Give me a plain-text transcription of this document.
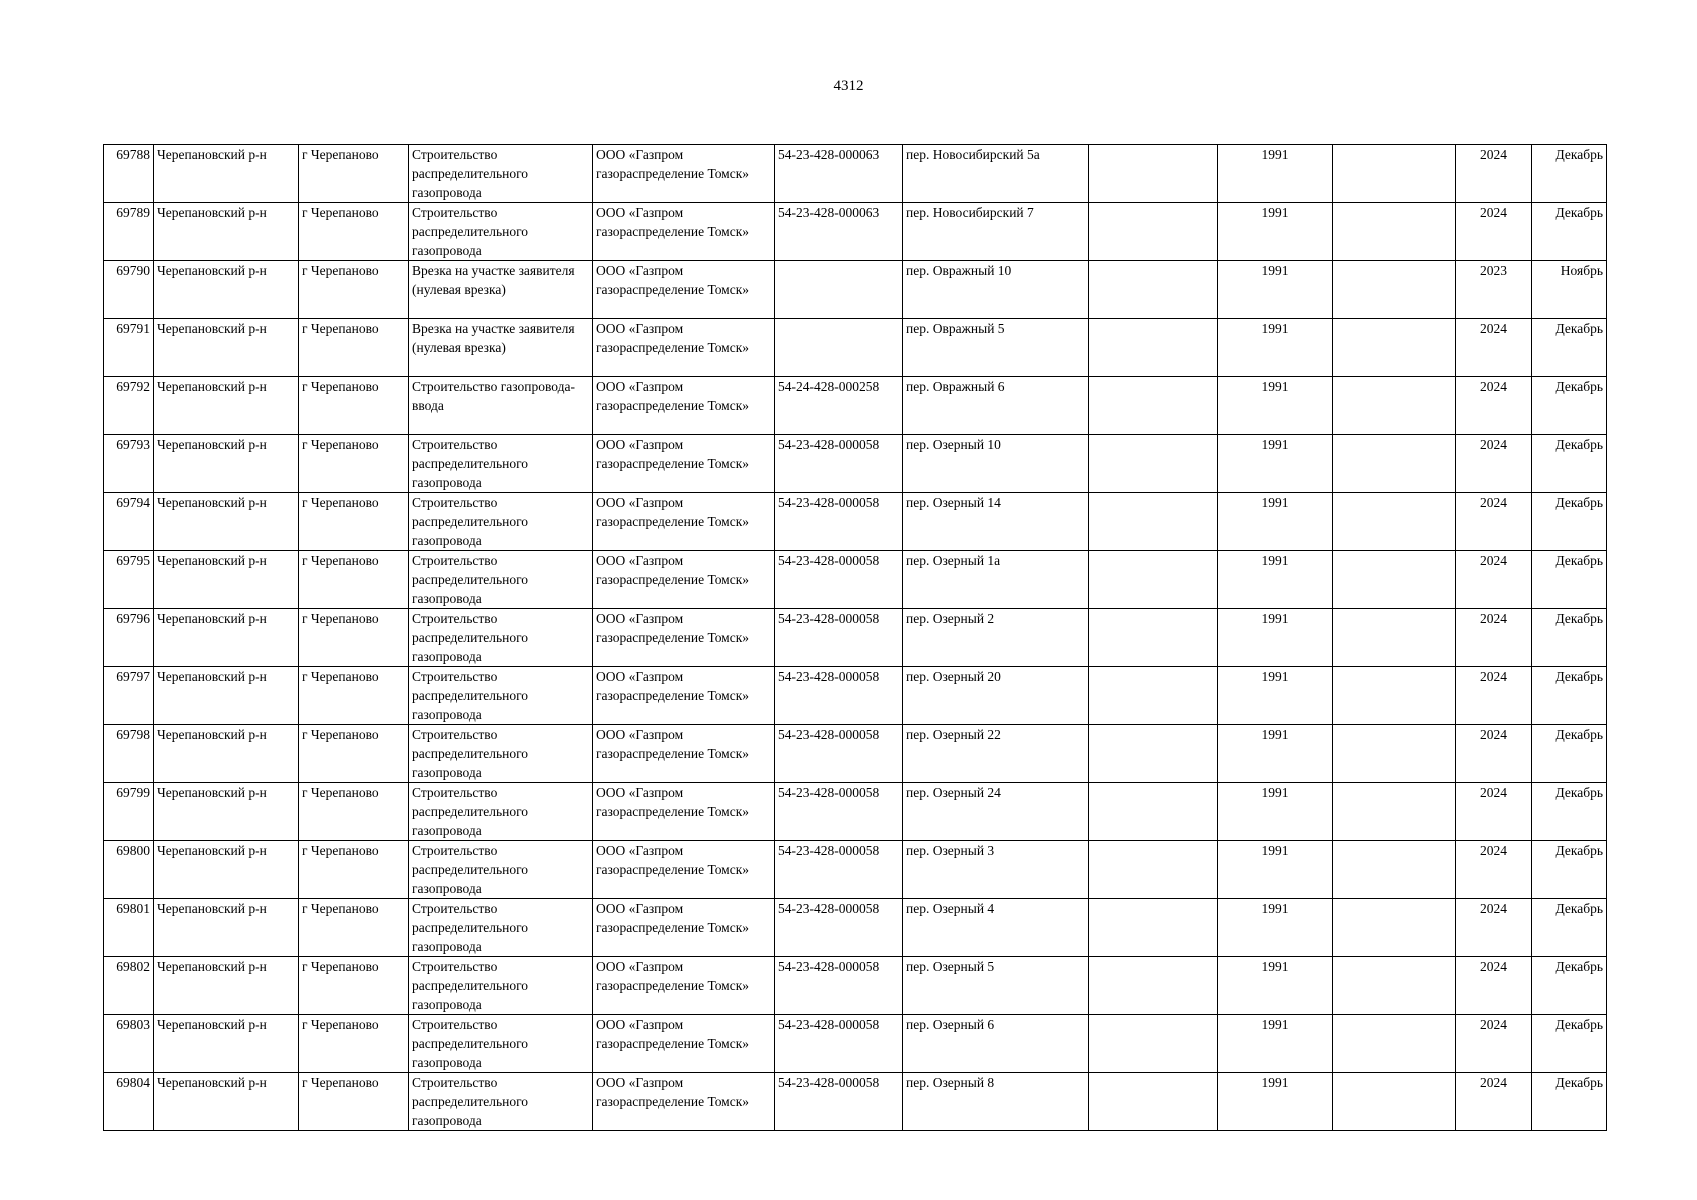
4312
69788	Черепановский р-н	г Черепаново	Строительство распределительного газопровода	ООО «Газпром газораспределение Томск»	54-23-428-000063	пер. Новосибирский 5а		1991		2024	Декабрь
69789	Черепановский р-н	г Черепаново	Строительство распределительного газопровода	ООО «Газпром газораспределение Томск»	54-23-428-000063	пер. Новосибирский 7		1991		2024	Декабрь
69790	Черепановский р-н	г Черепаново	Врезка на участке заявителя (нулевая врезка)	ООО «Газпром газораспределение Томск»		пер. Овражный 10		1991		2023	Ноябрь
69791	Черепановский р-н	г Черепаново	Врезка на участке заявителя (нулевая врезка)	ООО «Газпром газораспределение Томск»		пер. Овражный 5		1991		2024	Декабрь
69792	Черепановский р-н	г Черепаново	Строительство газопровода-ввода	ООО «Газпром газораспределение Томск»	54-24-428-000258	пер. Овражный 6		1991		2024	Декабрь
69793	Черепановский р-н	г Черепаново	Строительство распределительного газопровода	ООО «Газпром газораспределение Томск»	54-23-428-000058	пер. Озерный 10		1991		2024	Декабрь
69794	Черепановский р-н	г Черепаново	Строительство распределительного газопровода	ООО «Газпром газораспределение Томск»	54-23-428-000058	пер. Озерный 14		1991		2024	Декабрь
69795	Черепановский р-н	г Черепаново	Строительство распределительного газопровода	ООО «Газпром газораспределение Томск»	54-23-428-000058	пер. Озерный 1а		1991		2024	Декабрь
69796	Черепановский р-н	г Черепаново	Строительство распределительного газопровода	ООО «Газпром газораспределение Томск»	54-23-428-000058	пер. Озерный 2		1991		2024	Декабрь
69797	Черепановский р-н	г Черепаново	Строительство распределительного газопровода	ООО «Газпром газораспределение Томск»	54-23-428-000058	пер. Озерный 20		1991		2024	Декабрь
69798	Черепановский р-н	г Черепаново	Строительство распределительного газопровода	ООО «Газпром газораспределение Томск»	54-23-428-000058	пер. Озерный 22		1991		2024	Декабрь
69799	Черепановский р-н	г Черепаново	Строительство распределительного газопровода	ООО «Газпром газораспределение Томск»	54-23-428-000058	пер. Озерный 24		1991		2024	Декабрь
69800	Черепановский р-н	г Черепаново	Строительство распределительного газопровода	ООО «Газпром газораспределение Томск»	54-23-428-000058	пер. Озерный 3		1991		2024	Декабрь
69801	Черепановский р-н	г Черепаново	Строительство распределительного газопровода	ООО «Газпром газораспределение Томск»	54-23-428-000058	пер. Озерный 4		1991		2024	Декабрь
69802	Черепановский р-н	г Черепаново	Строительство распределительного газопровода	ООО «Газпром газораспределение Томск»	54-23-428-000058	пер. Озерный 5		1991		2024	Декабрь
69803	Черепановский р-н	г Черепаново	Строительство распределительного газопровода	ООО «Газпром газораспределение Томск»	54-23-428-000058	пер. Озерный 6		1991		2024	Декабрь
69804	Черепановский р-н	г Черепаново	Строительство распределительного газопровода	ООО «Газпром газораспределение Томск»	54-23-428-000058	пер. Озерный 8		1991		2024	Декабрь
